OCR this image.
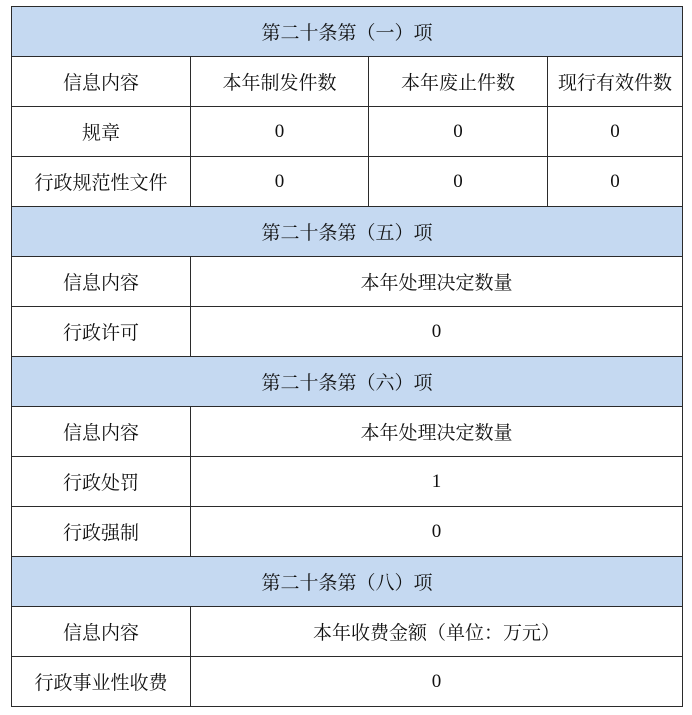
第二十条第（一）项			
信息内容	本年制发件数	本年废止件数	现行有效件数
规章	0	0	0
行政规范性文件	0	0	0
第二十条第（五）项			
信息内容	本年处理决定数量		
行政许可	0		
第二十条第（六）项			
信息内容	本年处理决定数量		
行政处罚	1		
行政强制	0		
第二十条第（八）项			
信息内容	本年收费金额（单位：万元）		
行政事业性收费	0		
